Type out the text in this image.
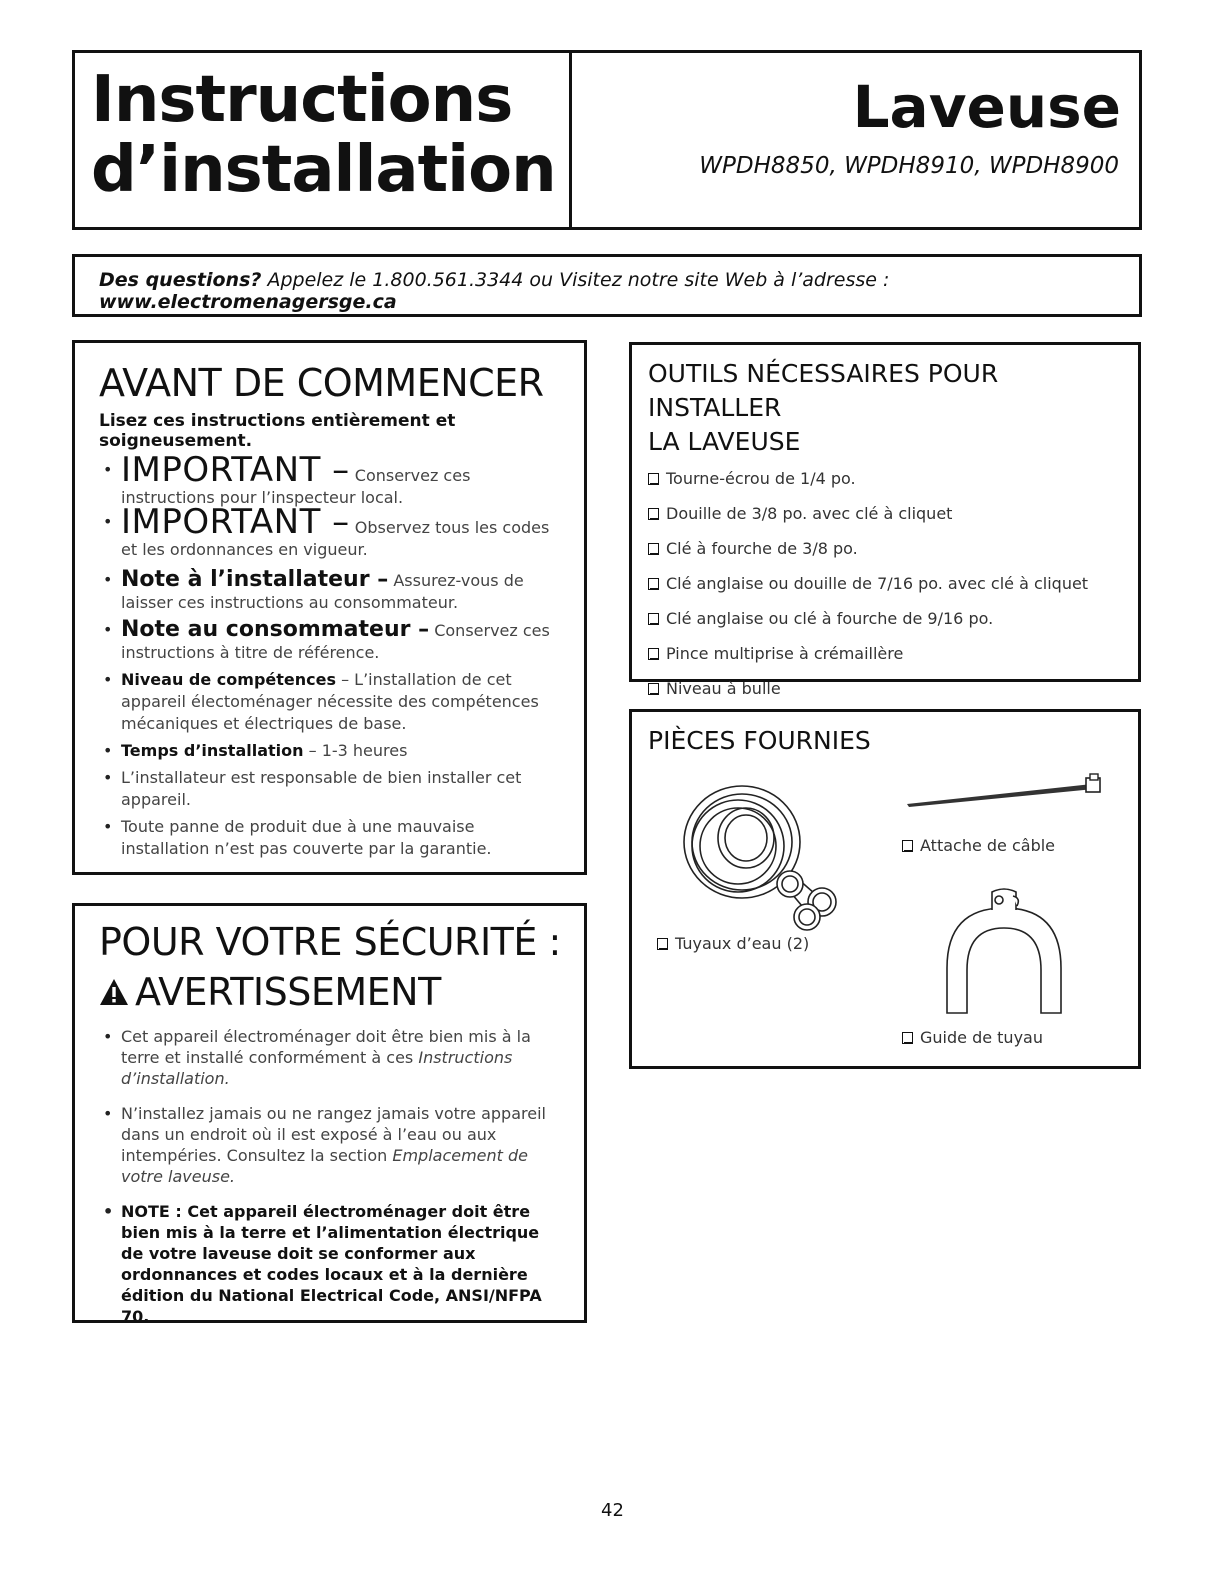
Instructions
d’installation
Laveuse

WPDH8850, WPDH8910, WPDH8900

Des questions? Appelez le 1.800.561.3344 ou Visitez notre site Web à l’adresse : www.electromenagersge.ca
AVANT DE COMMENCER
Lisez ces instructions entièrement et soigneusement.
• IMPORTANT – Conservez ces instructions pour l’inspecteur local.
• IMPORTANT – Observez tous les codes et les ordonnances en vigueur.
• Note à l’installateur – Assurez-vous de laisser ces instructions au consommateur.
• Note au consommateur – Conservez ces instructions à titre de référence.
• Niveau de compétences – L’installation de cet appareil électoménager nécessite des compétences mécaniques et électriques de base.
• Temps d’installation – 1-3 heures
• L’installateur est responsable de bien installer cet appareil.
• Toute panne de produit due à une mauvaise installation n’est pas couverte par la garantie.
POUR VOTRE SÉCURITÉ :
AVERTISSEMENT
• Cet appareil électroménager doit être bien mis à la terre et installé conformément à ces Instructions d’installation.
• N’installez jamais ou ne rangez jamais votre appareil dans un endroit où il est exposé à l’eau ou aux intempéries. Consultez la section Emplacement de votre laveuse.
• NOTE : Cet appareil électroménager doit être bien mis à la terre et l’alimentation électrique de votre laveuse doit se conformer aux ordonnances et codes locaux et à la dernière édition du National Electrical Code, ANSI/NFPA 70.
OUTILS NÉCESSAIRES POUR INSTALLER
LA LAVEUSE
Tourne-écrou de 1/4 po.
Douille de 3/8 po. avec clé à cliquet
Clé à fourche de 3/8 po.
Clé anglaise ou douille de 7/16 po. avec clé à cliquet
Clé anglaise ou clé à fourche de 9/16 po.
Pince multiprise à crémaillère
Niveau à bulle
PIÈCES FOURNIES
Tuyaux d’eau (2)
Attache de câble
Guide de tuyau
42
